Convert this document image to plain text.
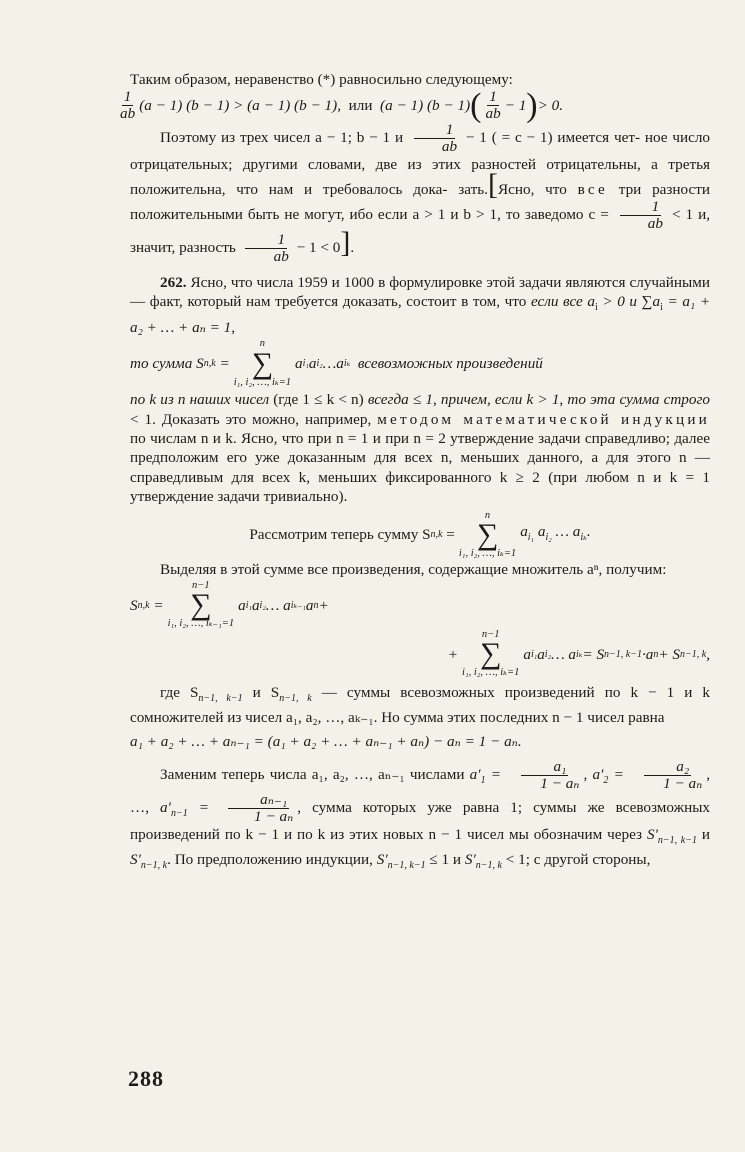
Таким образом, неравенство (*) равносильно следующему:

$\frac{1}{ab} (a - 1) (b - 1) > (a - 1) (b - 1)$,
или
(a − 1) (b − 1) ( $\frac{1}{ab} - 1$ ) > 0.

Поэтому из трех чисел a − 1; b − 1 и $\frac{1}{ab} - 1$ ( = c − 1) имеется чет- ное число отрицательных; другими словами, две из этих разностей отрицательны, а третья положительна, что нам и требовалось дока- зать.[Ясно, что все три разности положительными быть не могут, ибо если a > 1 и b > 1, то заведомо $c = \frac{1}{ab} < 1$ и, значит, разность $\frac{1}{ab} - 1 < 0$].

262. Ясно, что числа 1959 и 1000 в формулировке этой задачи являются случайными — факт, который нам требуется доказать, состоит в том, что если все $a_i > 0$ и $\sum a_i = a_1 + a_2$ + … + aₙ = 1,

то сумма S n,k =
n
∑
i₁, i₂, …, iₖ=1
a i₁ a i₂ …a iₖ
всевозможных произведений

по k из n наших чисел (где 1 ≤ k < n) всегда ≤ 1, причем, если k > 1, то эта сумма строго < 1. Доказать это можно, например, методом математической индукции по числам n и k. Ясно, что при n = 1 и при n = 2 утверждение задачи справедливо; далее предположим его уже доказанным для всех n, меньших данного, а для этого n — справедливым для всех k, меньших фиксированного k ≥ 2 (при любом n и k = 1 утверждение задачи тривиально).

Рассмотрим теперь сумму S n,k =
n
∑
i₁, i₂, …, iₖ=1
$a_{i_1}$ $a_{i_2}$ … $a_{i_k}$.

Выделяя в этой сумме все произведения, содержащие множитель aⁿ, получим:

S n,k =
n−1
∑
i₁, i₂, …, iₖ₋₁=1
a i₁ a i₂ … a iₖ₋₁ a n +
+
n−1
∑
i₁, i₂, …, iₖ=1
a i₁ a i₂ … a iₖ = S n−1, k−1 ·a n + S n−1, k ,

где $S_{n-1, k-1}$ и $S_{n-1, k}$ — суммы всевозможных произведений по k − 1 и k сомножителей из чисел a₁, a₂, …, aₖ₋₁. Но сумма этих последних n − 1 чисел равна

a₁ + a₂ + … + aₙ₋₁ = (a₁ + a₂ + … + aₙ₋₁ + aₙ) − aₙ = 1 − aₙ.

Заменим теперь числа a₁, a₂, …, aₙ₋₁ числами $a'_1 = \frac{\text{a₁}}{\text{1 − aₙ}}$ , $a'_2 = \frac{\text{a₂}}{\text{1 − aₙ}}$ , …, $a'_{n-1} = \frac{\text{aₙ₋₁}}{\text{1 − aₙ}}$ , сумма которых уже равна 1; суммы же всевозможных произведений по k − 1 и по k из этих новых n − 1 чисел мы обозначим через $S'_{n-1, k-1}$ и $S'_{n-1, k}$. По предположению индукции, $S'_{n-1, k-1} \le 1$ и $S'_{n-1, k} < 1$; с другой стороны,

288
